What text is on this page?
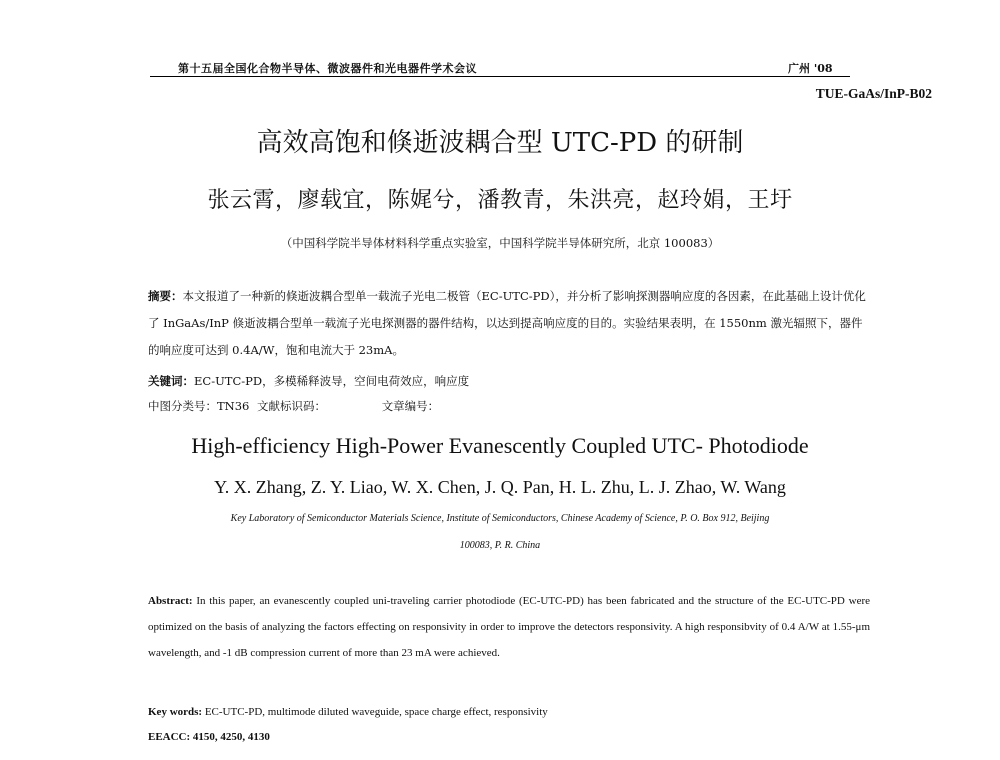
第十五届全国化合物半导体、微波器件和光电器件学术会议	广州 '08
TUE-GaAs/InP-B02
高效高饱和倏逝波耦合型 UTC-PD 的研制
张云霄，廖载宜，陈娓兮，潘教青，朱洪亮，赵玲娟，王圩
（中国科学院半导体材料科学重点实验室，中国科学院半导体研究所，北京 100083）
摘要：本文报道了一种新的倏逝波耦合型单一载流子光电二极管（EC-UTC-PD），并分析了影响探测器响应度的各因素，在此基础上设计优化了 InGaAs/InP 倏逝波耦合型单一载流子光电探测器的器件结构，以达到提高响应度的目的。实验结果表明，在 1550nm 激光辐照下，器件的响应度可达到 0.4A/W，饱和电流大于 23mA。
关键词：EC-UTC-PD，多模稀释波导，空间电荷效应，响应度
中图分类号：TN36 文献标识码：	文章编号：
High-efficiency High-Power Evanescently Coupled UTC- Photodiode
Y. X. Zhang, Z. Y. Liao, W. X. Chen, J. Q. Pan, H. L. Zhu, L. J. Zhao, W. Wang
Key Laboratory of Semiconductor Materials Science, Institute of Semiconductors, Chinese Academy of Science, P. O. Box 912, Beijing
100083, P. R. China
Abstract: In this paper, an evanescently coupled uni-traveling carrier photodiode (EC-UTC-PD) has been fabricated and the structure of the EC-UTC-PD were optimized on the basis of analyzing the factors effecting on responsivity in order to improve the detectors responsivity. A high responsibvity of 0.4 A/W at 1.55-μm wavelength, and -1 dB compression current of more than 23 mA were achieved.
Key words: EC-UTC-PD, multimode diluted waveguide, space charge effect, responsivity
EEACC: 4150, 4250, 4130
